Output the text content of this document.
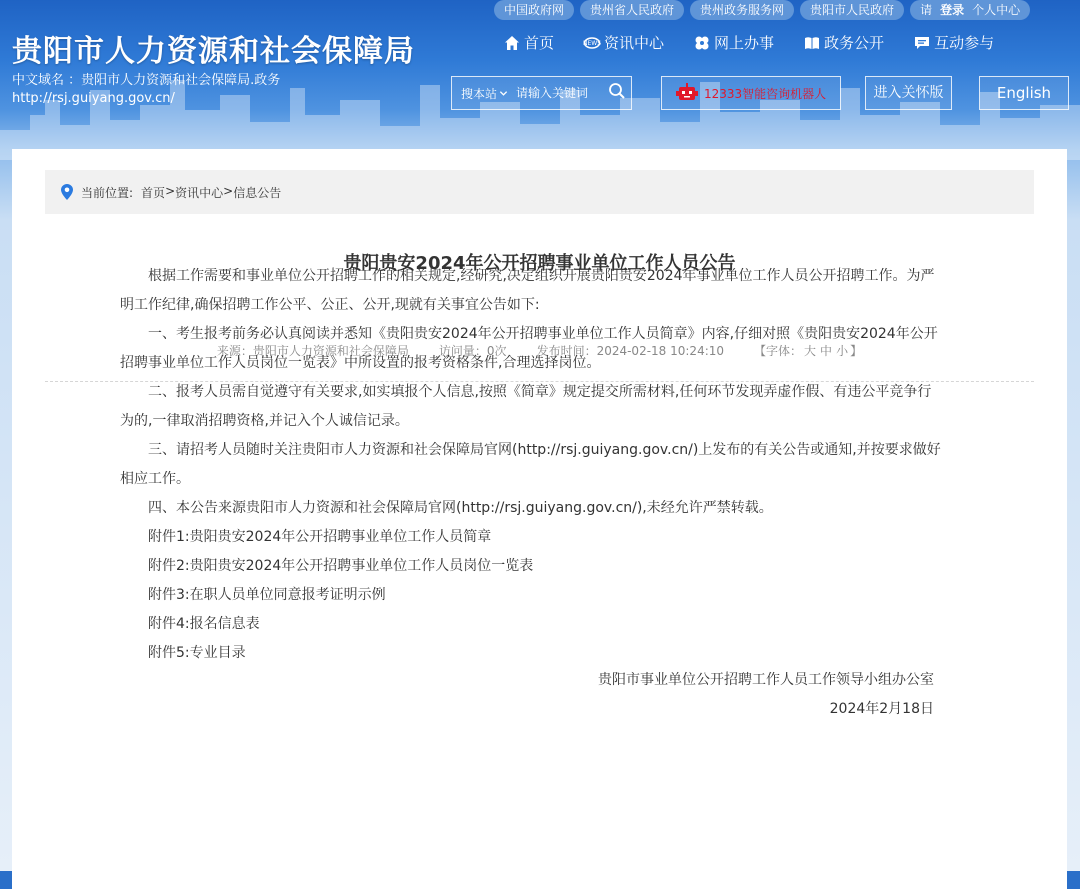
中国政府网	贵州省人民政府	贵州政务服务网	贵阳市人民政府	请 登录 个人中心
贵阳市人力资源和社会保障局
中文域名 ：贵阳市人力资源和社会保障局.政务
http://rsj.guiyang.gov.cn/
首页	NEWS 资讯中心	网上办事	政务公开	互动参与
搜本站
请输入关键词	12333智能咨询机器人	进入关怀版	English
当前位置: 首页 > 资讯中心 > 信息公告
贵阳贵安2024年公开招聘事业单位工作人员公告
来源：贵阳市人力资源和社会保障局	访问量：0次	发布时间：2024-02-18 10:24:10	【字体： 大 中 小 】

根据工作需要和事业单位公开招聘工作的相关规定,经研究,决定组织开展贵阳贵安2024年事业单位工作人员公开招聘工作。为严明工作纪律,确保招聘工作公平、公正、公开,现就有关事宜公告如下:

一、考生报考前务必认真阅读并悉知《贵阳贵安2024年公开招聘事业单位工作人员简章》内容,仔细对照《贵阳贵安2024年公开招聘事业单位工作人员岗位一览表》中所设置的报考资格条件,合理选择岗位。

二、报考人员需自觉遵守有关要求,如实填报个人信息,按照《简章》规定提交所需材料,任何环节发现弄虚作假、有违公平竞争行为的,一律取消招聘资格,并记入个人诚信记录。

三、请招考人员随时关注贵阳市人力资源和社会保障局官网(http://rsj.guiyang.gov.cn/)上发布的有关公告或通知,并按要求做好相应工作。

四、本公告来源贵阳市人力资源和社会保障局官网(http://rsj.guiyang.gov.cn/),未经允许严禁转载。

附件1:贵阳贵安2024年公开招聘事业单位工作人员简章

附件2:贵阳贵安2024年公开招聘事业单位工作人员岗位一览表

附件3:在职人员单位同意报考证明示例

附件4:报名信息表

附件5:专业目录

贵阳市事业单位公开招聘工作人员工作领导小组办公室
2024年2月18日
